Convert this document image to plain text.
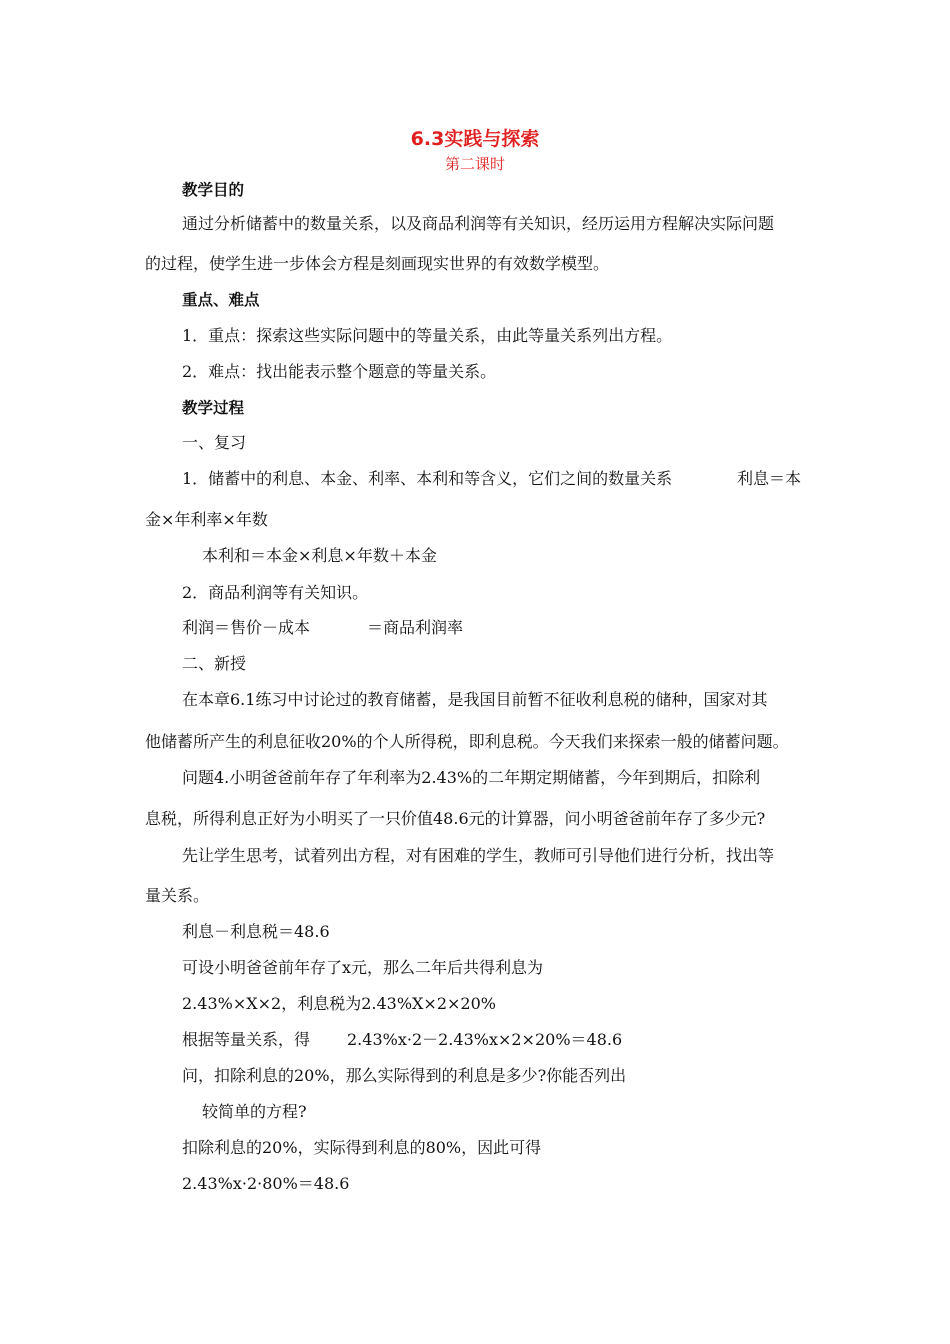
6.3实践与探索
第二课时
教学目的
通过分析储蓄中的数量关系，以及商品利润等有关知识，经历运用方程解决实际问题
的过程，使学生进一步体会方程是刻画现实世界的有效数学模型。
重点、难点
1．重点：探索这些实际问题中的等量关系，由此等量关系列出方程。
2．难点：找出能表示整个题意的等量关系。
教学过程
一、复习
1．储蓄中的利息、本金、利率、本利和等含义，它们之间的数量关系	利息＝本
金×年利率×年数
本利和＝本金×利息×年数＋本金
2．商品利润等有关知识。
利润＝售价－成本	＝商品利润率
二、新授
在本章6.1练习中讨论过的教育储蓄，是我国目前暂不征收利息税的储种，国家对其
他储蓄所产生的利息征收20%的个人所得税，即利息税。今天我们来探索一般的储蓄问题。
问题4.小明爸爸前年存了年利率为2.43%的二年期定期储蓄，今年到期后，扣除利
息税，所得利息正好为小明买了一只价值48.6元的计算器，问小明爸爸前年存了多少元?
先让学生思考，试着列出方程，对有困难的学生，教师可引导他们进行分析，找出等
量关系。
利息－利息税＝48.6
可设小明爸爸前年存了x元，那么二年后共得利息为
2.43%×X×2，利息税为2.43%X×2×20%
根据等量关系，得 2.43%x·2－2.43%x×2×20%＝48.6
问，扣除利息的20%，那么实际得到的利息是多少?你能否列出
较简单的方程?
扣除利息的20%，实际得到利息的80%，因此可得
2.43%x·2·80%＝48.6
